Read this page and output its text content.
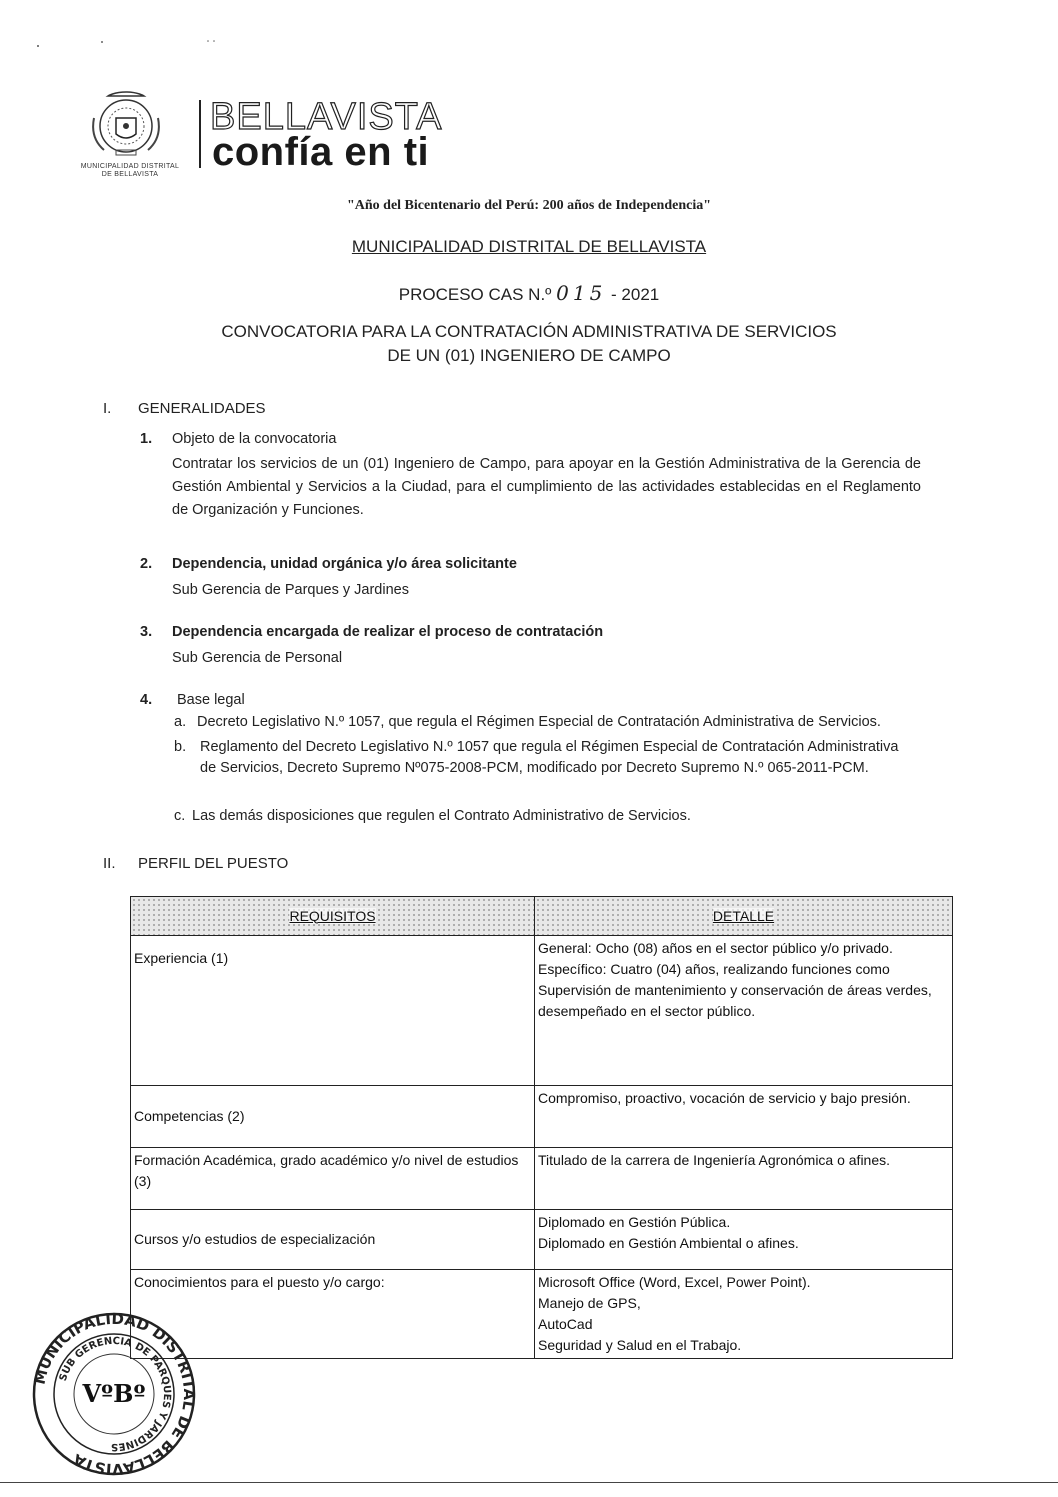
MUNICIPALIDAD DISTRITAL
DE BELLAVISTA
BELLAVISTA
confía en ti
"Año del Bicentenario del Perú: 200 años de Independencia"
MUNICIPALIDAD DISTRITAL DE BELLAVISTA
PROCESO CAS N.º 015 - 2021
CONVOCATORIA PARA LA CONTRATACIÓN ADMINISTRATIVA DE SERVICIOS
DE UN (01) INGENIERO DE CAMPO
I. GENERALIDADES
1. Objeto de la convocatoria
Contratar los servicios de un (01) Ingeniero de Campo, para apoyar en la Gestión Administrativa de la Gerencia de Gestión Ambiental y Servicios a la Ciudad, para el cumplimiento de las actividades establecidas en el Reglamento de Organización y Funciones.
2. Dependencia, unidad orgánica y/o área solicitante
Sub Gerencia de Parques y Jardines
3. Dependencia encargada de realizar el proceso de contratación
Sub Gerencia de Personal
4. Base legal
a. Decreto Legislativo N.º 1057, que regula el Régimen Especial de Contratación Administrativa de Servicios.
b. Reglamento del Decreto Legislativo N.º 1057 que regula el Régimen Especial de Contratación Administrativa de Servicios, Decreto Supremo Nº075-2008-PCM, modificado por Decreto Supremo N.º 065-2011-PCM.
c. Las demás disposiciones que regulen el Contrato Administrativo de Servicios.
II. PERFIL DEL PUESTO
REQUISITOS	DETALLE
Experiencia (1)	General: Ocho (08) años en el sector público y/o privado.
Específico: Cuatro (04) años, realizando funciones como Supervisión de mantenimiento y conservación de áreas verdes, desempeñado en el sector público.

Competencias (2)	Compromiso, proactivo, vocación de servicio y bajo presión.

Formación Académica, grado académico y/o nivel de estudios (3)	Titulado de la carrera de Ingeniería Agronómica o afines.

Cursos y/o estudios de especialización	Diplomado en Gestión Pública.
Diplomado en Gestión Ambiental o afines.

Conocimientos para el puesto y/o cargo:	Microsoft Office (Word, Excel, Power Point).
Manejo de GPS,
AutoCad
Seguridad y Salud en el Trabajo.
MUNICIPALIDAD DISTRITAL DE BELLAVISTA
SUB GERENCIA DE PARQUES Y JARDINES
VºBº
